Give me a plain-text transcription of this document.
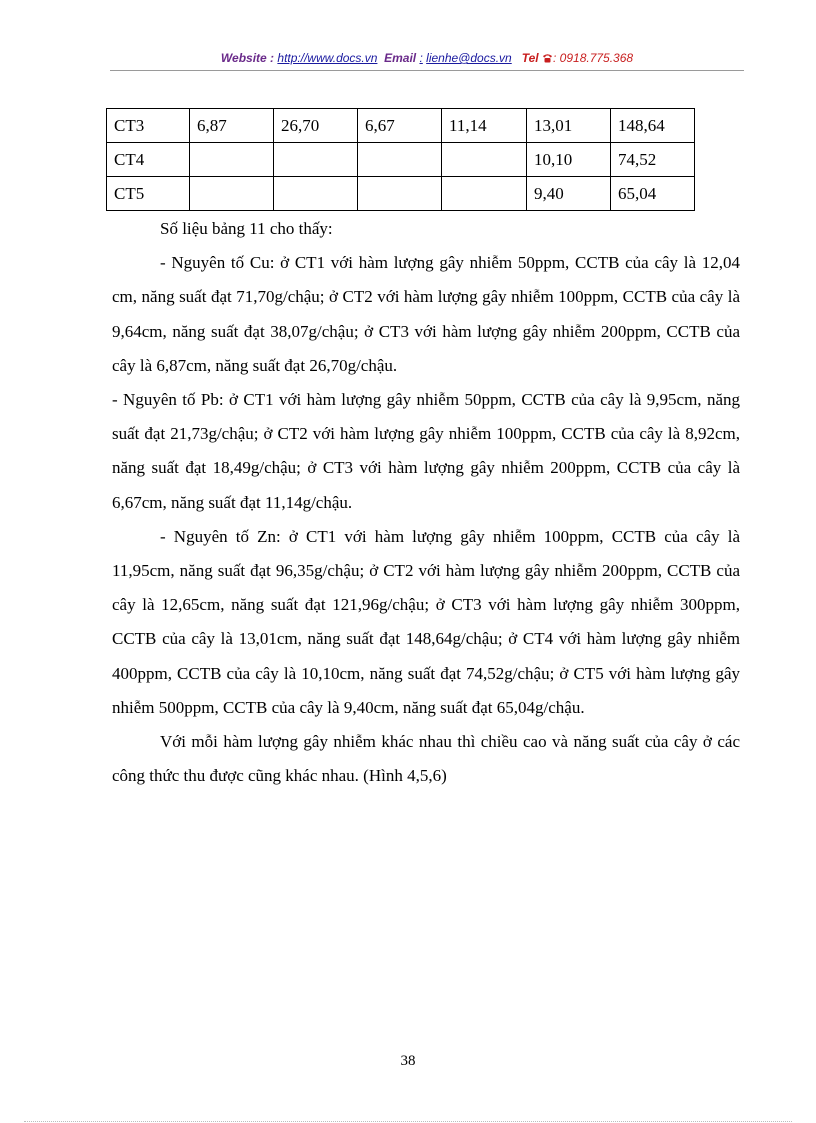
Website : http://www.docs.vn Email : lienhe@docs.vn Tel : 0918.775.368
CT3	6,87	26,70	6,67	11,14	13,01	148,64
CT4					10,10	74,52
CT5					9,40	65,04

Số liệu bảng 11 cho thấy:

- Nguyên tố Cu: ở CT1 với hàm lượng gây nhiễm 50ppm, CCTB của cây là 12,04 cm, năng suất đạt 71,70g/chậu; ở CT2 với hàm lượng gây nhiễm 100ppm, CCTB của cây là 9,64cm, năng suất đạt 38,07g/chậu; ở CT3 với hàm lượng gây nhiễm 200ppm, CCTB của cây là 6,87cm, năng suất đạt 26,70g/chậu.

- Nguyên tố Pb: ở CT1 với hàm lượng gây nhiễm 50ppm, CCTB của cây là 9,95cm, năng suất đạt 21,73g/chậu; ở CT2 với hàm lượng gây nhiễm 100ppm, CCTB của cây là 8,92cm, năng suất đạt 18,49g/chậu; ở CT3 với hàm lượng gây nhiễm 200ppm, CCTB của cây là 6,67cm, năng suất đạt 11,14g/chậu.

- Nguyên tố Zn: ở CT1 với hàm lượng gây nhiễm 100ppm, CCTB của cây là 11,95cm, năng suất đạt 96,35g/chậu; ở CT2 với hàm lượng gây nhiễm 200ppm, CCTB của cây là 12,65cm, năng suất đạt 121,96g/chậu; ở CT3 với hàm lượng gây nhiễm 300ppm, CCTB của cây là 13,01cm, năng suất đạt 148,64g/chậu; ở CT4 với hàm lượng gây nhiễm 400ppm, CCTB của cây là 10,10cm, năng suất đạt 74,52g/chậu; ở CT5 với hàm lượng gây nhiễm 500ppm, CCTB của cây là 9,40cm, năng suất đạt 65,04g/chậu.

Với mỗi hàm lượng gây nhiễm khác nhau thì chiều cao và năng suất của cây ở các công thức thu được cũng khác nhau. (Hình 4,5,6)

38
